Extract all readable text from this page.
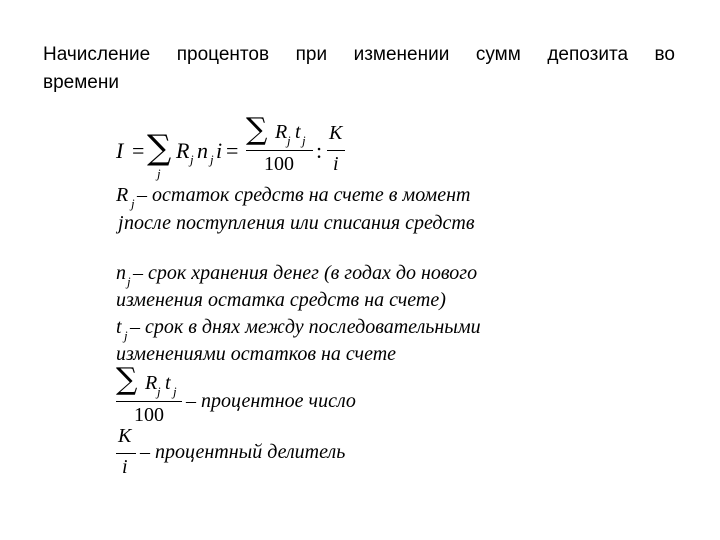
Начисление процентов при изменении сумм депозита во
времени
I = ∑
j
R j n j i =
∑ R j t j
100
:
K
i
R j – остаток средств на счете в момент
j после поступления или списания средств
n j – срок хранения денег (в годах до нового
изменения остатка средств на счете)
t j – срок в днях между последовательными
изменениями остатков на счете
∑ R j t j
100
– процентное число
K
i
– процентный делитель
